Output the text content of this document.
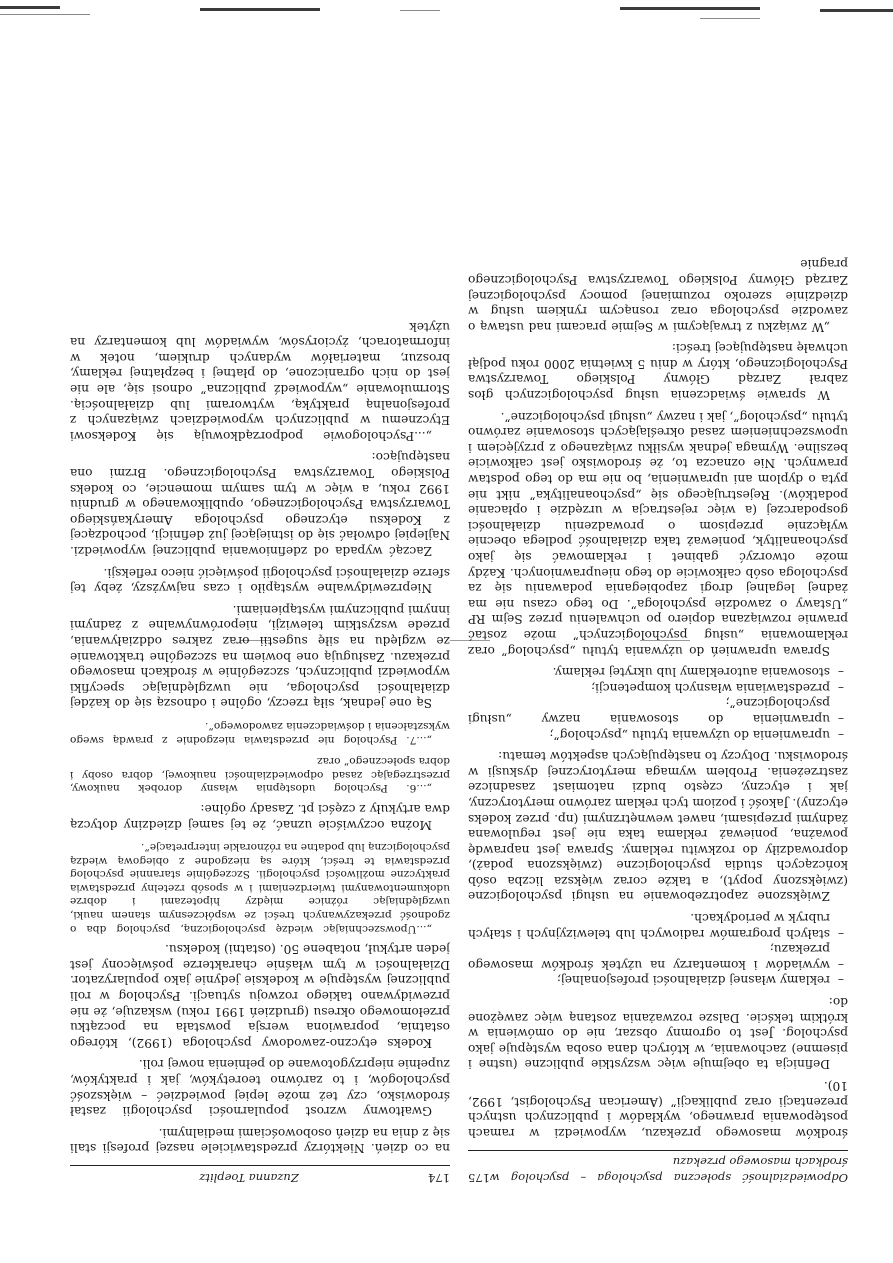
174
Zuzanna Toeplitz

na co dzień. Niektórzy przedstawiciele naszej profesji stali się z dnia na dzień osobowościami medialnymi.

Gwałtowny wzrost popularności psychologii zastał środowisko, czy też może lepiej powiedzieć – większość psychologów, i to zarówno teoretyków, jak i praktyków, zupełnie nieprzygotowane do pełnienia nowej roli.

Kodeks etyczno-zawodowy psychologa (1992), którego ostatnia, poprawiona wersja powstała na początku przełomowego okresu (grudzień 1991 roku) wskazuje, że nie przewidywano takiego rozwoju sytuacji. Psycholog w roli publicznej występuje w kodeksie jedynie jako popularyzator. Działalności w tym właśnie charakterze poświęcony jest jeden artykuł, notabene 50. (ostatni) kodeksu.

„...Upowszechniając wiedzę psychologiczną, psycholog dba o zgodność przekazywanych treści ze współczesnym stanem nauki, uwzględniając różnice między hipotezami i dobrze udokumentowanymi twierdzeniami i w sposób rzetelny przedstawia praktyczne możliwości psychologii. Szczególnie starannie psycholog przedstawia te treści, które są niezgodne z obiegową wiedzą psychologiczną lub podatne na różnorakie interpretacje”.

Można oczywiście uznać, że tej samej dziedziny dotyczą dwa artykuły z części pt. Zasady ogólne:

„...6. Psycholog udostępnia własny dorobek naukowy, przestrzegając zasad odpowiedzialności naukowej, dobra osoby i dobra społecznego” oraz

„...7. Psycholog nie przedstawia niezgodnie z prawdą swego wykształcenia i doświadczenia zawodowego”.

Są one jednak, siłą rzeczy, ogólne i odnoszą się do każdej działalności psychologa, nie uwzględniając specyfiki wypowiedzi publicznych, szczególnie w środkach masowego przekazu. Zasługują one bowiem na szczególne traktowanie ze względu na siłę sugestii oraz zakres oddziaływania, przede wszystkim telewizji, nieporównywalne z żadnymi innymi publicznymi wystąpieniami.

Nieprzewidywalne wystąpiło i czas najwyższy, żeby tej sferze działalności psychologii poświęcić nieco refleksji.

Zacząć wypada od zdefiniowania publicznej wypowiedzi. Najlepiej odwołać się do istniejącej już definicji, pochodzącej z Kodeksu etycznego psychologa Amerykańskiego Towarzystwa Psychologicznego, opublikowanego w grudniu 1992 roku, a więc w tym samym momencie, co kodeks Polskiego Towarzystwa Psychologicznego. Brzmi ona następująco:

„...Psychologowie podporządkowują się Kodeksowi Etycznemu w publicznych wypowiedziach związanych z profesjonalną praktyką, wytworami lub działalnością. Stormułowanie „wypowiedź publiczna” odnosi się, ale nie jest do nich ograniczone, do płatnej i bezpłatnej reklamy, broszur, materiałów wydanych drukiem, notek w informatorach, życiorysów, wywiadów lub komentarzy na użytek

Odpowiedzialność społeczna psychologa – psycholog w środkach masowego przekazu
175

środków masowego przekazu, wypowiedzi w ramach postępowania prawnego, wykładów i publicznych ustnych prezentacji oraz publikacji” (American Psychologist, 1992, 10).

Definicja ta obejmuje więc wszystkie publiczne (ustne i pisemne) zachowania, w których dana osoba występuje jako psycholog. Jest to ogromny obszar, nie do omówienia w krótkim tekście. Dalsze rozważania zostaną więc zawężone do:

– reklamy własnej działalności profesjonalnej;
– wywiadów i komentarzy na użytek środków masowego przekazu;
– stałych programów radiowych lub telewizyjnych i stałych rubryk w periodykach.

Zwiększone zapotrzebowanie na usługi psychologiczne (zwiększony popyt), a także coraz większa liczba osób kończących studia psychologiczne (zwiększona podaż), doprowadziły do rozkwitu reklamy. Sprawa jest naprawdę poważna, ponieważ reklama taka nie jest regulowana żadnymi przepisami, nawet wewnętrznymi (np. przez kodeks etyczny). Jakość i poziom tych reklam zarówno merytoryczny, jak i etyczny, często budzi natomiast zasadnicze zastrzeżenia. Problem wymaga merytorycznej dyskusji w środowisku. Dotyczy to następujących aspektów tematu:

– uprawnienia do używania tytułu „psycholog”;
– uprawnienia do stosowania nazwy „usługi psychologiczne”;
– przedstawiania własnych kompetencji;
– stosowania autoreklamy lub ukrytej reklamy.

Sprawa uprawnień do używania tytułu „psycholog” oraz reklamowania „usług psychologicznych” może zostać prawnie rozwiązana dopiero po uchwaleniu przez Sejm RP „Ustawy o zawodzie psychologa”. Do tego czasu nie ma żadnej legalnej drogi zapobiegania podawaniu się za psychologa osób całkowicie do tego nieuprawnionych. Każdy może otworzyć gabinet i reklamować się jako psychoanalityk, ponieważ taka działalność podlega obecnie wyłącznie przepisom o prowadzeniu działalności gospodarczej (a więc rejestracja w urzędzie i opłacanie podatków). Rejestrującego się „psychoanalityka” nikt nie pyta o dyplom ani uprawnienia, bo nie ma do tego podstaw prawnych. Nie oznacza to, że środowisko jest całkowicie bezsilne. Wymaga jednak wysiłku związanego z przyjęciem i upowszechnieniem zasad określających stosowanie zarówno tytułu „psycholog”, jak i nazwy „usługi psychologiczne”.

W sprawie świadczenia usług psychologicznych głos zabrał Zarząd Główny Polskiego Towarzystwa Psychologicznego, który w dniu 5 kwietnia 2000 roku podjął uchwałę następującej treści:

„W związku z trwającymi w Sejmie pracami nad ustawą o zawodzie psychologa oraz rosnącym rynkiem usług w dziedzinie szeroko rozumianej pomocy psychologicznej Zarząd Główny Polskiego Towarzystwa Psychologicznego pragnie
